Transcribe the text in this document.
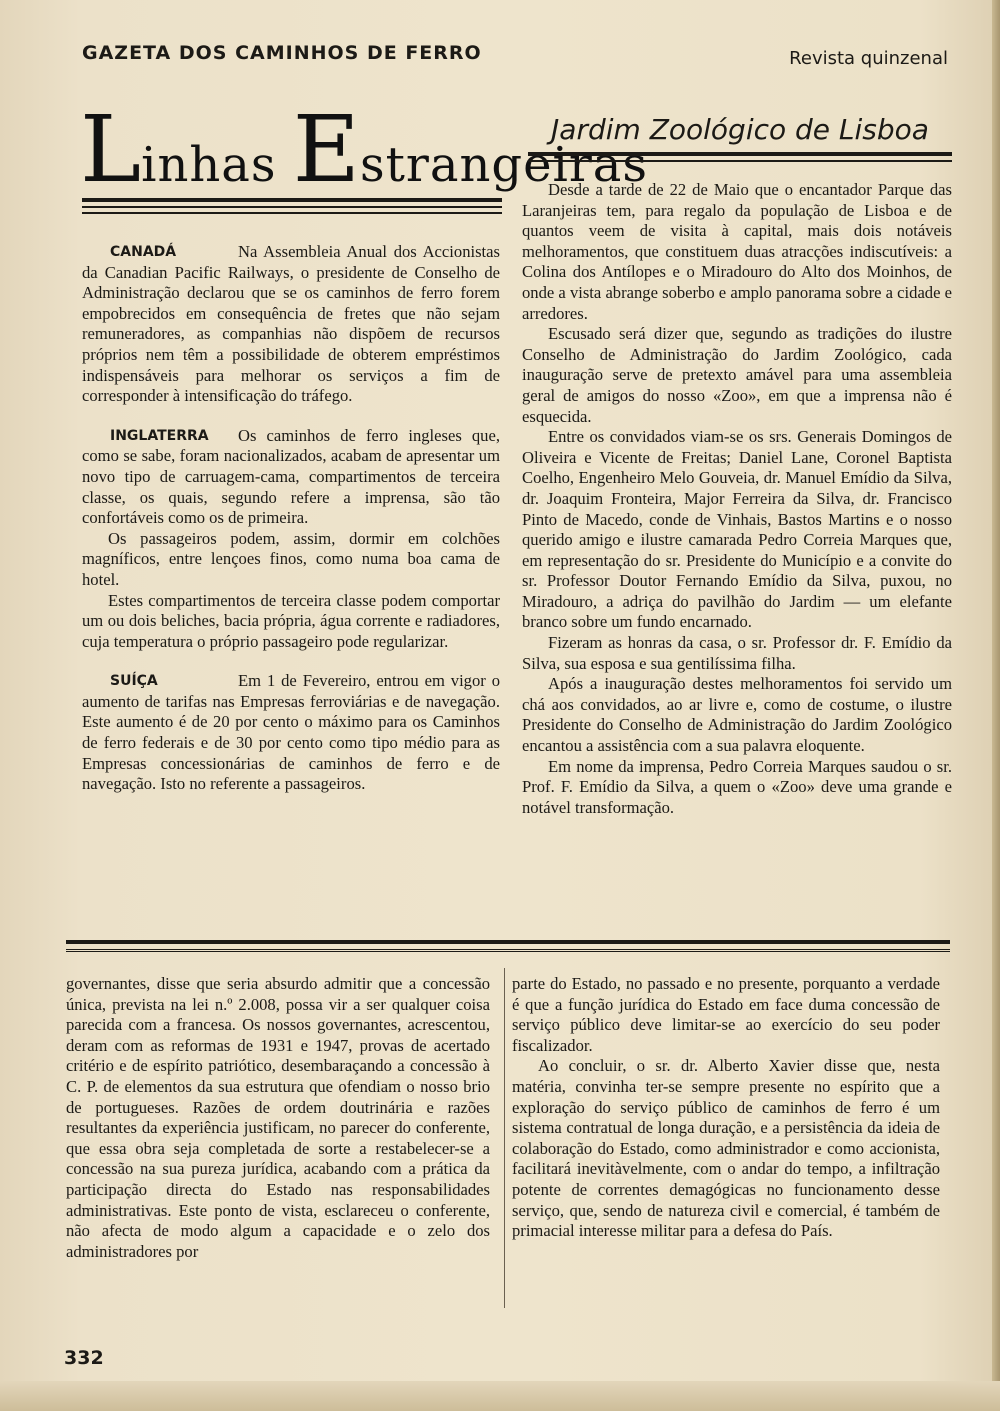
GAZETA DOS CAMINHOS DE FERRO	Revista quinzenal
Linhas Estrangeiras
Jardim Zoológico de Lisboa

CANADÁ	Na Assembleia Anual dos Accionistas da Canadian Pacific Railways, o presidente de Conselho de Administração declarou que se os caminhos de ferro forem empobrecidos em consequência de fretes que não sejam remuneradores, as companhias não dispõem de recursos próprios nem têm a possibilidade de obterem empréstimos indispensáveis para melhorar os serviços a fim de corresponder à intensificação do tráfego.

INGLATERRA	Os caminhos de ferro ingleses que, como se sabe, foram nacionalizados, acabam de apresentar um novo tipo de carruagem-cama, compartimentos de terceira classe, os quais, segundo refere a imprensa, são tão confortáveis como os de primeira.

Os passageiros podem, assim, dormir em colchões magníficos, entre lençoes finos, como numa boa cama de hotel.

Estes compartimentos de terceira classe podem comportar um ou dois beliches, bacia própria, água corrente e radiadores, cuja temperatura o próprio passageiro pode regularizar.

SUÍÇA	Em 1 de Fevereiro, entrou em vigor o aumento de tarifas nas Empresas ferroviárias e de navegação. Este aumento é de 20 por cento o máximo para os Caminhos de ferro federais e de 30 por cento como tipo médio para as Empresas concessionárias de caminhos de ferro e de navegação. Isto no referente a passageiros.

Desde a tarde de 22 de Maio que o encantador Parque das Laranjeiras tem, para regalo da população de Lisboa e de quantos veem de visita à capital, mais dois notáveis melhoramentos, que constituem duas atracções indiscutíveis: a Colina dos Antílopes e o Miradouro do Alto dos Moinhos, de onde a vista abrange soberbo e amplo panorama sobre a cidade e arredores.

Escusado será dizer que, segundo as tradições do ilustre Conselho de Administração do Jardim Zoológico, cada inauguração serve de pretexto amável para uma assembleia geral de amigos do nosso «Zoo», em que a imprensa não é esquecida.

Entre os convidados viam-se os srs. Generais Domingos de Oliveira e Vicente de Freitas; Daniel Lane, Coronel Baptista Coelho, Engenheiro Melo Gouveia, dr. Manuel Emídio da Silva, dr. Joaquim Fronteira, Major Ferreira da Silva, dr. Francisco Pinto de Macedo, conde de Vinhais, Bastos Martins e o nosso querido amigo e ilustre camarada Pedro Correia Marques que, em representação do sr. Presidente do Município e a convite do sr. Professor Doutor Fernando Emídio da Silva, puxou, no Miradouro, a adriça do pavilhão do Jardim — um elefante branco sobre um fundo encarnado.

Fizeram as honras da casa, o sr. Professor dr. F. Emídio da Silva, sua esposa e sua gentilíssima filha.

Após a inauguração destes melhoramentos foi servido um chá aos convidados, ao ar livre e, como de costume, o ilustre Presidente do Conselho de Administração do Jardim Zoológico encantou a assistência com a sua palavra eloquente.

Em nome da imprensa, Pedro Correia Marques saudou o sr. Prof. F. Emídio da Silva, a quem o «Zoo» deve uma grande e notável transformação.

governantes, disse que seria absurdo admitir que a concessão única, prevista na lei n.º 2.008, possa vir a ser qualquer coisa parecida com a francesa. Os nossos governantes, acrescentou, deram com as reformas de 1931 e 1947, provas de acertado critério e de espírito patriótico, desembaraçando a concessão à C. P. de elementos da sua estrutura que ofendiam o nosso brio de portugueses. Razões de ordem doutrinária e razões resultantes da experiência justificam, no parecer do conferente, que essa obra seja completada de sorte a restabelecer-se a concessão na sua pureza jurídica, acabando com a prática da participação directa do Estado nas responsabilidades administrativas. Este ponto de vista, esclareceu o conferente, não afecta de modo algum a capacidade e o zelo dos administradores por

parte do Estado, no passado e no presente, porquanto a verdade é que a função jurídica do Estado em face duma concessão de serviço público deve limitar-se ao exercício do seu poder fiscalizador.

Ao concluir, o sr. dr. Alberto Xavier disse que, nesta matéria, convinha ter-se sempre presente no espírito que a exploração do serviço público de caminhos de ferro é um sistema contratual de longa duração, e a persistência da ideia de colaboração do Estado, como administrador e como accionista, facilitará inevitàvelmente, com o andar do tempo, a infiltração potente de correntes demagógicas no funcionamento desse serviço, que, sendo de natureza civil e comercial, é também de primacial interesse militar para a defesa do País.

332
